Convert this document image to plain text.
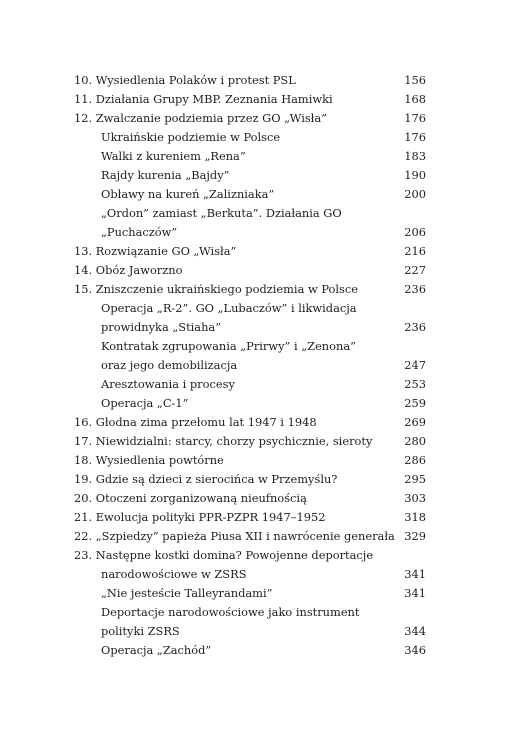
10. Wysiedlenia Polaków i protest PSL	156
11. Działania Grupy MBP. Zeznania Hamiwki	168
12. Zwalczanie podziemia przez GO „Wisła”	176
Ukraińskie podziemie w Polsce	176
Walki z kureniem „Rena”	183
Rajdy kurenia „Bajdy”	190
Obławy na kureń „Zaliznіaka”	200
„Ordon” zamiast „Berkuta”. Działania GO
„Puchaczów”	206
13. Rozwiązanie GO „Wisła”	216
14. Obóz Jaworzno	227
15. Zniszczenie ukraińskiego podziemia w Polsce	236
Operacja „R-2”. GO „Lubaczów” i likwidacja
prowidnyka „Stiaha”	236
Kontratak zgrupowania „Prirwy” i „Zenona”
oraz jego demobilizacja	247
Aresztowania i procesy	253
Operacja „C-1”	259
16. Głodna zima przełomu lat 1947 i 1948	269
17. Niewidzialni: starcy, chorzy psychicznie, sieroty	280
18. Wysiedlenia powtórne	286
19. Gdzie są dzieci z sierocińca w Przemyślu?	295
20. Otoczeni zorganizowaną nieufnością	303
21. Ewolucja polityki PPR-PZPR 1947–1952	318
22. „Szpiedzy” papieża Piusa XII i nawrócenie generała 329
23. Następne kostki domina? Powojenne deportacje
narodowościowe w ZSRS	341
„Nie jesteście Talleyrandami”	341
Deportacje narodowościowe jako instrument
polityki ZSRS	344
Operacja „Zachód”	346
